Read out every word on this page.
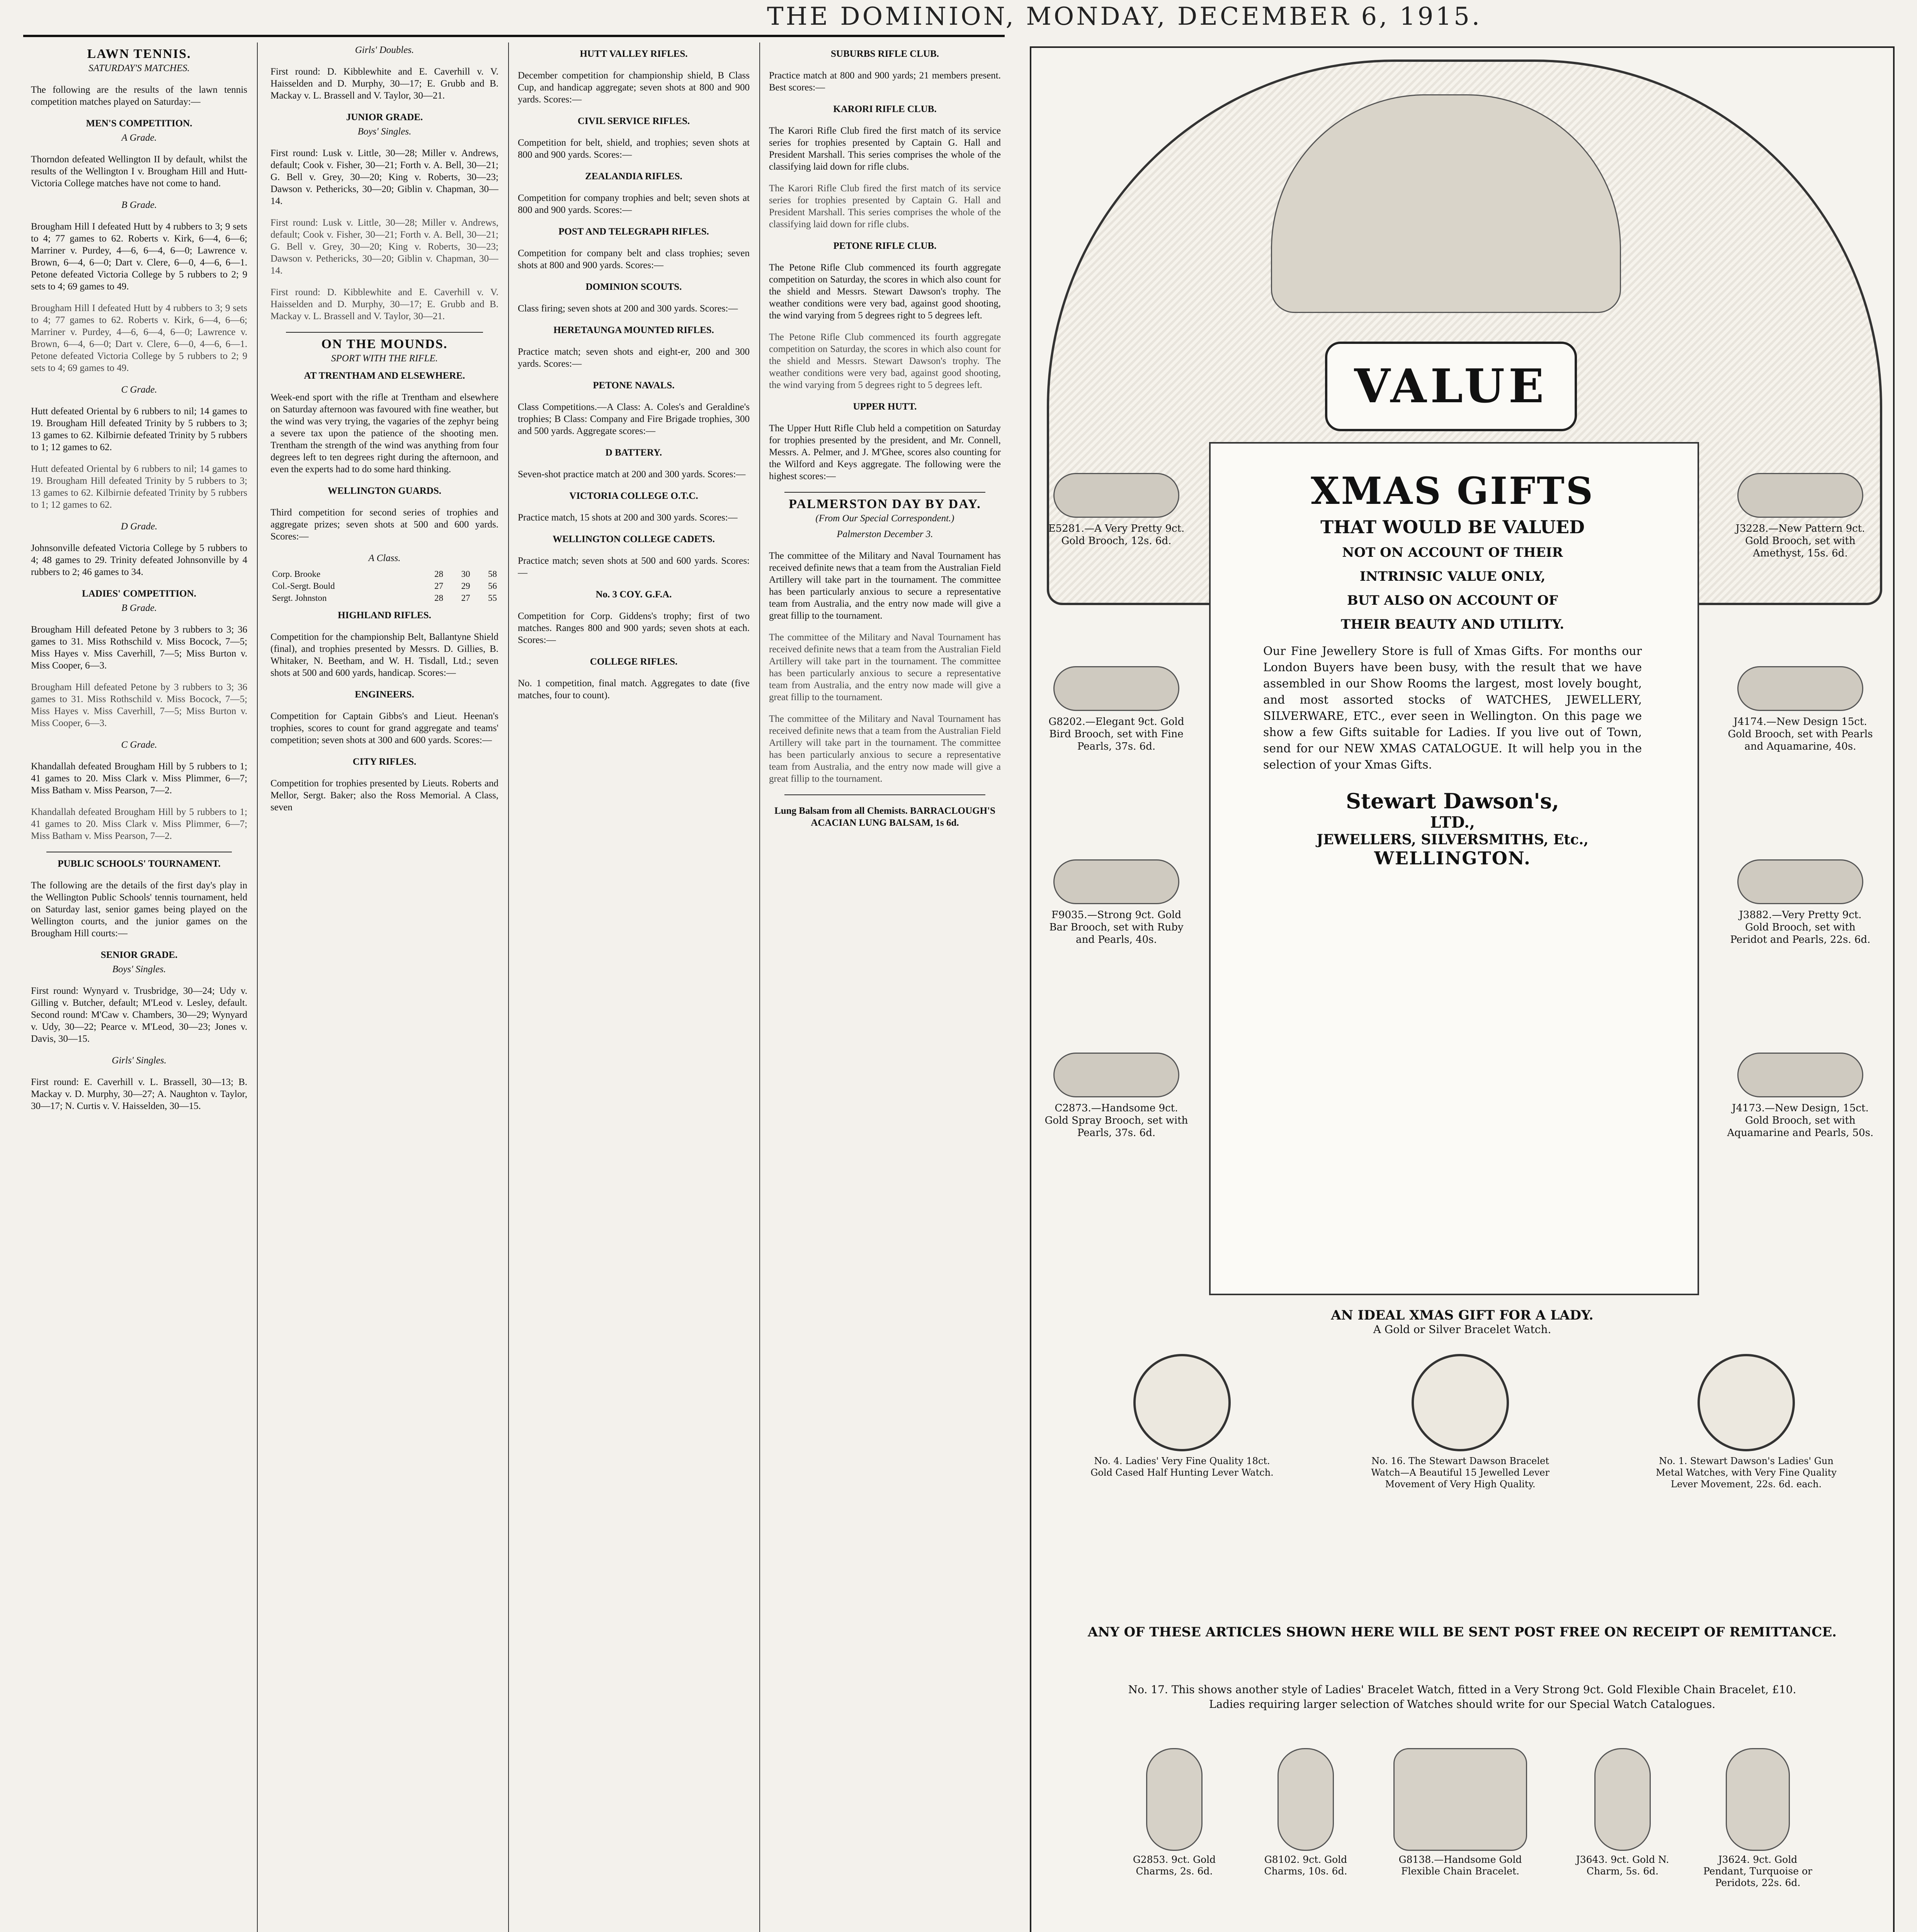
THE DOMINION, MONDAY, DECEMBER 6, 1915.
LAWN TENNIS.
SATURDAY'S MATCHES.

The following are the results of the lawn tennis competition matches played on Saturday:—

MEN'S COMPETITION.
A Grade.

Thorndon defeated Wellington II by default, whilst the results of the Wellington I v. Brougham Hill and Hutt-Victoria College matches have not come to hand.

B Grade.

Brougham Hill I defeated Hutt by 4 rubbers to 3; 9 sets to 4; 77 games to 62. Roberts v. Kirk, 6—4, 6—6; Marriner v. Purdey, 4—6, 6—4, 6—0; Lawrence v. Brown, 6—4, 6—0; Dart v. Clere, 6—0, 4—6, 6—1. Petone defeated Victoria College by 5 rubbers to 2; 9 sets to 4; 69 games to 49.

Brougham Hill I defeated Hutt by 4 rubbers to 3; 9 sets to 4; 77 games to 62. Roberts v. Kirk, 6—4, 6—6; Marriner v. Purdey, 4—6, 6—4, 6—0; Lawrence v. Brown, 6—4, 6—0; Dart v. Clere, 6—0, 4—6, 6—1. Petone defeated Victoria College by 5 rubbers to 2; 9 sets to 4; 69 games to 49.

C Grade.

Hutt defeated Oriental by 6 rubbers to nil; 14 games to 19. Brougham Hill defeated Trinity by 5 rubbers to 3; 13 games to 62. Kilbirnie defeated Trinity by 5 rubbers to 1; 12 games to 62.

Hutt defeated Oriental by 6 rubbers to nil; 14 games to 19. Brougham Hill defeated Trinity by 5 rubbers to 3; 13 games to 62. Kilbirnie defeated Trinity by 5 rubbers to 1; 12 games to 62.

D Grade.

Johnsonville defeated Victoria College by 5 rubbers to 4; 48 games to 29. Trinity defeated Johnsonville by 4 rubbers to 2; 46 games to 34.

LADIES' COMPETITION.
B Grade.

Brougham Hill defeated Petone by 3 rubbers to 3; 36 games to 31. Miss Rothschild v. Miss Bocock, 7—5; Miss Hayes v. Miss Caverhill, 7—5; Miss Burton v. Miss Cooper, 6—3.

Brougham Hill defeated Petone by 3 rubbers to 3; 36 games to 31. Miss Rothschild v. Miss Bocock, 7—5; Miss Hayes v. Miss Caverhill, 7—5; Miss Burton v. Miss Cooper, 6—3.

C Grade.

Khandallah defeated Brougham Hill by 5 rubbers to 1; 41 games to 20. Miss Clark v. Miss Plimmer, 6—7; Miss Batham v. Miss Pearson, 7—2.

Khandallah defeated Brougham Hill by 5 rubbers to 1; 41 games to 20. Miss Clark v. Miss Plimmer, 6—7; Miss Batham v. Miss Pearson, 7—2.

PUBLIC SCHOOLS' TOURNAMENT.

The following are the details of the first day's play in the Wellington Public Schools' tennis tournament, held on Saturday last, senior games being played on the Wellington courts, and the junior games on the Brougham Hill courts:—

SENIOR GRADE.
Boys' Singles.

First round: Wynyard v. Trusbridge, 30—24; Udy v. Gilling v. Butcher, default; M'Leod v. Lesley, default. Second round: M'Caw v. Chambers, 30—29; Wynyard v. Udy, 30—22; Pearce v. M'Leod, 30—23; Jones v. Davis, 30—15.

Girls' Singles.

First round: E. Caverhill v. L. Brassell, 30—13; B. Mackay v. D. Murphy, 30—27; A. Naughton v. Taylor, 30—17; N. Curtis v. V. Haisselden, 30—15.

Girls' Doubles.

First round: D. Kibblewhite and E. Caverhill v. V. Haisselden and D. Murphy, 30—17; E. Grubb and B. Mackay v. L. Brassell and V. Taylor, 30—21.

JUNIOR GRADE.
Boys' Singles.

First round: Lusk v. Little, 30—28; Miller v. Andrews, default; Cook v. Fisher, 30—21; Forth v. A. Bell, 30—21; G. Bell v. Grey, 30—20; King v. Roberts, 30—23; Dawson v. Pethericks, 30—20; Giblin v. Chapman, 30—14.

First round: Lusk v. Little, 30—28; Miller v. Andrews, default; Cook v. Fisher, 30—21; Forth v. A. Bell, 30—21; G. Bell v. Grey, 30—20; King v. Roberts, 30—23; Dawson v. Pethericks, 30—20; Giblin v. Chapman, 30—14.

First round: D. Kibblewhite and E. Caverhill v. V. Haisselden and D. Murphy, 30—17; E. Grubb and B. Mackay v. L. Brassell and V. Taylor, 30—21.

ON THE MOUNDS.
SPORT WITH THE RIFLE.
AT TRENTHAM AND ELSEWHERE.

Week-end sport with the rifle at Trentham and elsewhere on Saturday afternoon was favoured with fine weather, but the wind was very trying, the vagaries of the zephyr being a severe tax upon the patience of the shooting men. Trentham the strength of the wind was anything from four degrees left to ten degrees right during the afternoon, and even the experts had to do some hard thinking.

WELLINGTON GUARDS.

Third competition for second series of trophies and aggregate prizes; seven shots at 500 and 600 yards. Scores:—

A Class.
Corp. Brooke	28	30	58
Col.-Sergt. Bould	27	29	56
Sergt. Johnston	28	27	55
HIGHLAND RIFLES.

Competition for the championship Belt, Ballantyne Shield (final), and trophies presented by Messrs. D. Gillies, B. Whitaker, N. Beetham, and W. H. Tisdall, Ltd.; seven shots at 500 and 600 yards, handicap. Scores:—

ENGINEERS.

Competition for Captain Gibbs's and Lieut. Heenan's trophies, scores to count for grand aggregate and teams' competition; seven shots at 300 and 600 yards. Scores:—

CITY RIFLES.

Competition for trophies presented by Lieuts. Roberts and Mellor, Sergt. Baker; also the Ross Memorial. A Class, seven

HUTT VALLEY RIFLES.

December competition for championship shield, B Class Cup, and handicap aggregate; seven shots at 800 and 900 yards. Scores:—

CIVIL SERVICE RIFLES.

Competition for belt, shield, and trophies; seven shots at 800 and 900 yards. Scores:—

ZEALANDIA RIFLES.

Competition for company trophies and belt; seven shots at 800 and 900 yards. Scores:—

POST AND TELEGRAPH RIFLES.

Competition for company belt and class trophies; seven shots at 800 and 900 yards. Scores:—

DOMINION SCOUTS.

Class firing; seven shots at 200 and 300 yards. Scores:—

HERETAUNGA MOUNTED RIFLES.

Practice match; seven shots and eight-er, 200 and 300 yards. Scores:—

PETONE NAVALS.

Class Competitions.—A Class: A. Coles's and Geraldine's trophies; B Class: Company and Fire Brigade trophies, 300 and 500 yards. Aggregate scores:—

D BATTERY.

Seven-shot practice match at 200 and 300 yards. Scores:—

VICTORIA COLLEGE O.T.C.

Practice match, 15 shots at 200 and 300 yards. Scores:—

WELLINGTON COLLEGE CADETS.

Practice match; seven shots at 500 and 600 yards. Scores:—

No. 3 COY. G.F.A.

Competition for Corp. Giddens's trophy; first of two matches. Ranges 800 and 900 yards; seven shots at each. Scores:—

COLLEGE RIFLES.

No. 1 competition, final match. Aggregates to date (five matches, four to count).

SUBURBS RIFLE CLUB.

Practice match at 800 and 900 yards; 21 members present. Best scores:—

KARORI RIFLE CLUB.

The Karori Rifle Club fired the first match of its service series for trophies presented by Captain G. Hall and President Marshall. This series comprises the whole of the classifying laid down for rifle clubs.

The Karori Rifle Club fired the first match of its service series for trophies presented by Captain G. Hall and President Marshall. This series comprises the whole of the classifying laid down for rifle clubs.

PETONE RIFLE CLUB.

The Petone Rifle Club commenced its fourth aggregate competition on Saturday, the scores in which also count for the shield and Messrs. Stewart Dawson's trophy. The weather conditions were very bad, against good shooting, the wind varying from 5 degrees right to 5 degrees left.

The Petone Rifle Club commenced its fourth aggregate competition on Saturday, the scores in which also count for the shield and Messrs. Stewart Dawson's trophy. The weather conditions were very bad, against good shooting, the wind varying from 5 degrees right to 5 degrees left.

UPPER HUTT.

The Upper Hutt Rifle Club held a competition on Saturday for trophies presented by the president, and Mr. Connell, Messrs. A. Pelmer, and J. M'Ghee, scores also counting for the Wilford and Keys aggregate. The following were the highest scores:—

PALMERSTON DAY BY DAY.
(From Our Special Correspondent.)
Palmerston December 3.

The committee of the Military and Naval Tournament has received definite news that a team from the Australian Field Artillery will take part in the tournament. The committee has been particularly anxious to secure a representative team from Australia, and the entry now made will give a great fillip to the tournament.

The committee of the Military and Naval Tournament has received definite news that a team from the Australian Field Artillery will take part in the tournament. The committee has been particularly anxious to secure a representative team from Australia, and the entry now made will give a great fillip to the tournament.

The committee of the Military and Naval Tournament has received definite news that a team from the Australian Field Artillery will take part in the tournament. The committee has been particularly anxious to secure a representative team from Australia, and the entry now made will give a great fillip to the tournament.

Lung Balsam from all Chemists. BARRACLOUGH'S ACACIAN LUNG BALSAM, 1s 6d.

VALUE
XMAS GIFTS
THAT WOULD BE VALUED
NOT ON ACCOUNT OF THEIR
INTRINSIC VALUE ONLY,
BUT ALSO ON ACCOUNT OF
THEIR BEAUTY AND UTILITY.
Our Fine Jewellery Store is full of Xmas Gifts. For months our London Buyers have been busy, with the result that we have assembled in our Show Rooms the largest, most lovely bought, and most assorted stocks of WATCHES, JEWELLERY, SILVERWARE, ETC., ever seen in Wellington. On this page we show a few Gifts suitable for Ladies. If you live out of Town, send for our NEW XMAS CATALOGUE. It will help you in the selection of your Xmas Gifts.
Stewart Dawson's,
LTD.,
JEWELLERS, SILVERSMITHS, Etc.,
WELLINGTON.
E5281.—A Very Pretty 9ct. Gold Brooch, 12s. 6d.
G8202.—Elegant 9ct. Gold Bird Brooch, set with Fine Pearls, 37s. 6d.
F9035.—Strong 9ct. Gold Bar Brooch, set with Ruby and Pearls, 40s.
C2873.—Handsome 9ct. Gold Spray Brooch, set with Pearls, 37s. 6d.
J3228.—New Pattern 9ct. Gold Brooch, set with Amethyst, 15s. 6d.
J4174.—New Design 15ct. Gold Brooch, set with Pearls and Aquamarine, 40s.
J3882.—Very Pretty 9ct. Gold Brooch, set with Peridot and Pearls, 22s. 6d.
J4173.—New Design, 15ct. Gold Brooch, set with Aquamarine and Pearls, 50s.
AN IDEAL XMAS GIFT FOR A LADY.
A Gold or Silver Bracelet Watch.
No. 4. Ladies' Very Fine Quality 18ct. Gold Cased Half Hunting Lever Watch.
No. 16. The Stewart Dawson Bracelet Watch—A Beautiful 15 Jewelled Lever Movement of Very High Quality.
No. 1. Stewart Dawson's Ladies' Gun Metal Watches, with Very Fine Quality Lever Movement, 22s. 6d. each.
ANY OF THESE ARTICLES SHOWN HERE WILL BE SENT POST FREE ON RECEIPT OF REMITTANCE.
No. 17. This shows another style of Ladies' Bracelet Watch, fitted in a Very Strong 9ct. Gold Flexible Chain Bracelet, £10.
Ladies requiring larger selection of Watches should write for our Special Watch Catalogues.
G2853. 9ct. Gold Charms, 2s. 6d.
G8102. 9ct. Gold Charms, 10s. 6d.
G8138.—Handsome Gold Flexible Chain Bracelet.
J3643. 9ct. Gold N. Charm, 5s. 6d.
J3624. 9ct. Gold Pendant, Turquoise or Peridots, 22s. 6d.
